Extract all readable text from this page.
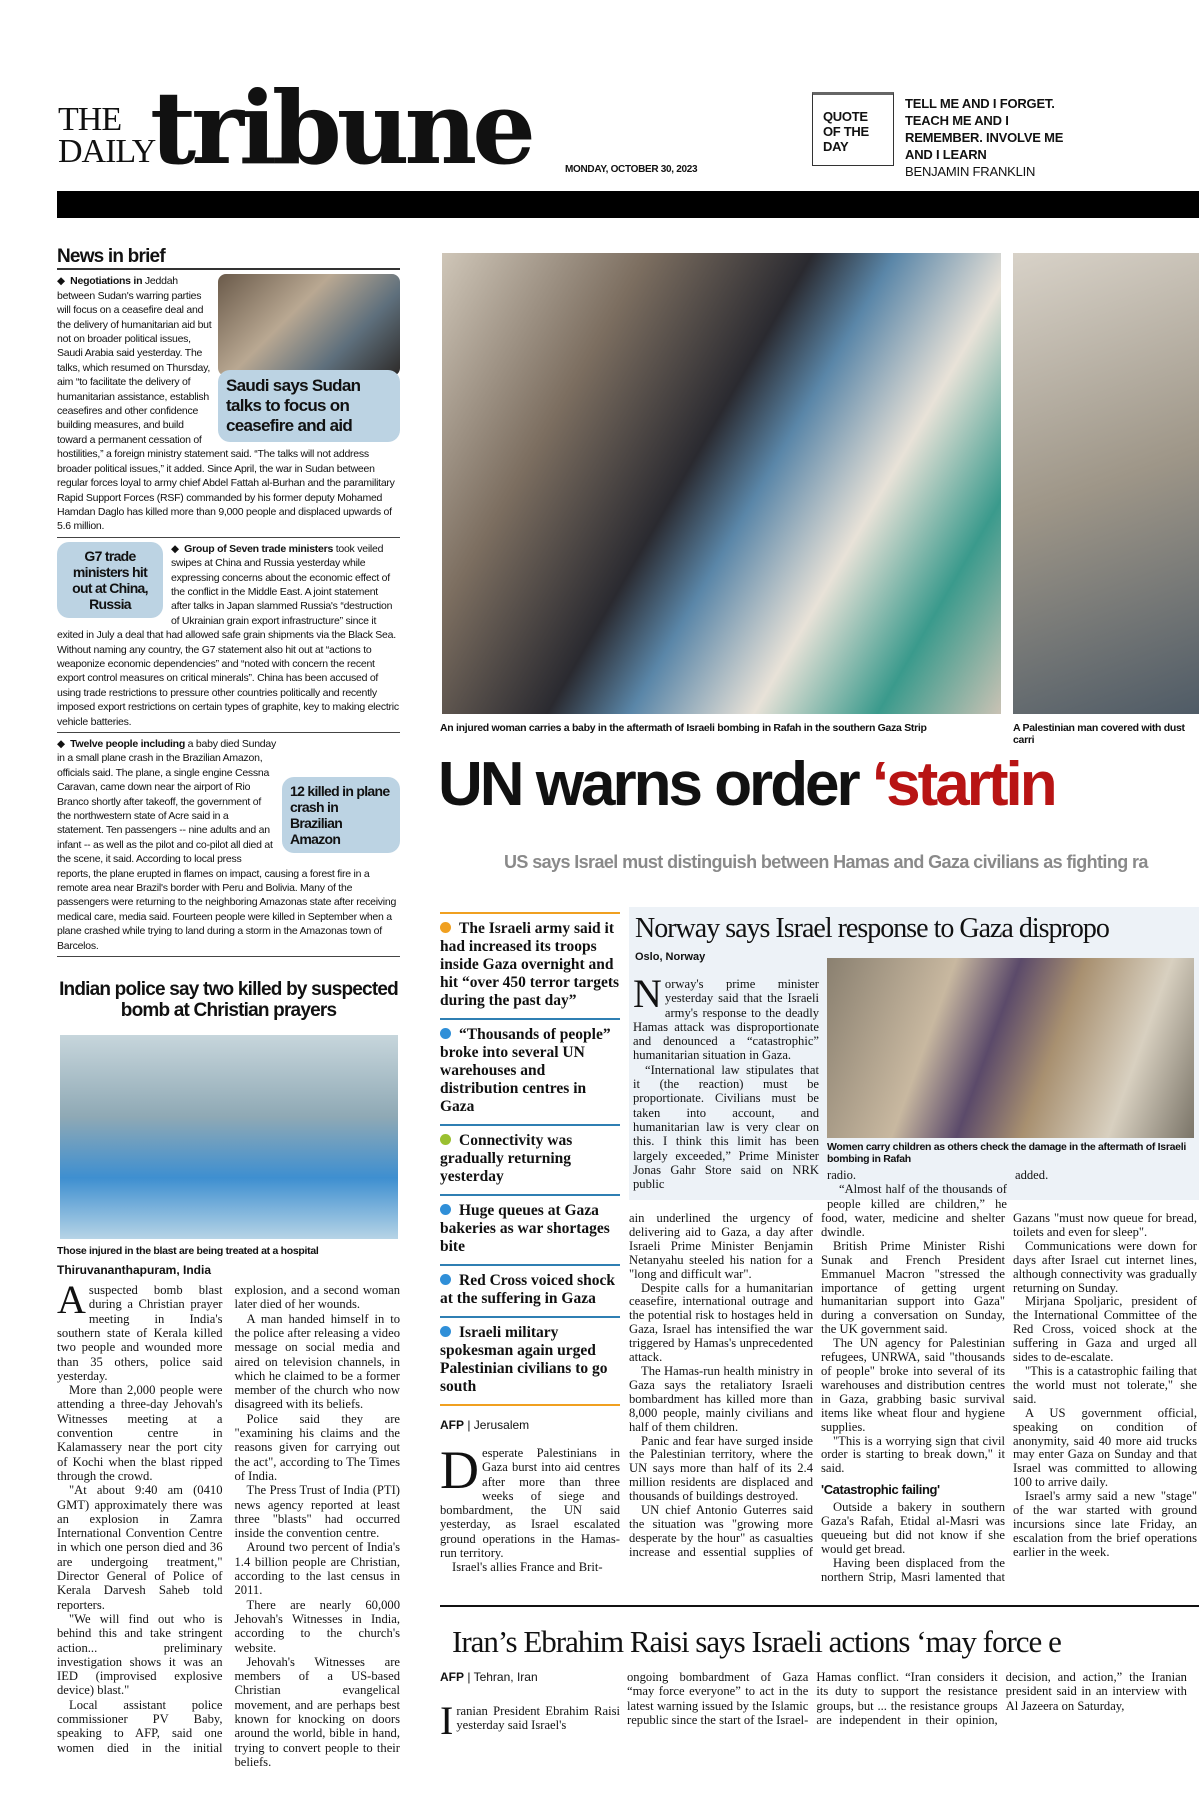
THE DAILY
tribune	MONDAY, OCTOBER 30, 2023
QUOTE OF THE DAY
TELL ME AND I FORGET. TEACH ME AND I REMEMBER. INVOLVE ME AND I LEARN
BENJAMIN FRANKLIN
News in brief
Saudi says Sudan talks to focus on ceasefire and aid
◆  Negotiations in Jeddah between Sudan's warring parties will focus on a ceasefire deal and the delivery of humanitarian aid but not on broader political issues, Saudi Arabia said yesterday. The talks, which resumed on Thursday, aim “to facilitate the delivery of humanitarian assistance, establish ceasefires and other confidence building measures, and build toward a permanent cessation of hostilities,” a foreign ministry statement said. “The talks will not address broader political issues,” it added. Since April, the war in Sudan between regular forces loyal to army chief Abdel Fattah al-Burhan and the paramilitary Rapid Support Forces (RSF) commanded by his former deputy Mohamed Hamdan Daglo has killed more than 9,000 people and displaced upwards of 5.6 million.
G7 trade ministers hit out at China, Russia
◆  Group of Seven trade ministers took veiled swipes at China and Russia yesterday while expressing concerns about the economic effect of the conflict in the Middle East. A joint statement after talks in Japan slammed Russia's “destruction of Ukrainian grain export infrastructure” since it exited in July a deal that had allowed safe grain shipments via the Black Sea. Without naming any country, the G7 statement also hit out at “actions to weaponize economic dependencies” and “noted with concern the recent export control measures on critical minerals”. China has been accused of using trade restrictions to pressure other countries politically and recently imposed export restrictions on certain types of graphite, key to making electric vehicle batteries.
12 killed in plane crash in Brazilian Amazon
◆  Twelve people including a baby died Sunday in a small plane crash in the Brazilian Amazon, officials said. The plane, a single engine Cessna Caravan, came down near the airport of Rio Branco shortly after takeoff, the government of the northwestern state of Acre said in a statement. Ten passengers -- nine adults and an infant -- as well as the pilot and co-pilot all died at the scene, it said. According to local press reports, the plane erupted in flames on impact, causing a forest fire in a remote area near Brazil's border with Peru and Bolivia. Many of the passengers were returning to the neighboring Amazonas state after receiving medical care, media said. Fourteen people were killed in September when a plane crashed while trying to land during a storm in the Amazonas town of Barcelos.
Indian police say two killed by suspected bomb at Christian prayers
Those injured in the blast are being treated at a hospital
Thiruvananthapuram, India

A suspected bomb blast during a Christian prayer meeting in India's southern state of Kerala killed two people and wounded more than 35 others, police said yesterday.

More than 2,000 people were attending a three-day Jehovah's Witnesses meeting at a convention centre in Kalamassery near the port city of Kochi when the blast ripped through the crowd.

"At about 9:40 am (0410 GMT) approximately there was an explosion in Zamra International Convention Centre in which one person died and 36 are undergoing treatment," Director General of Police of Kerala Darvesh Saheb told reporters.

"We will find out who is behind this and take stringent action... preliminary investigation shows it was an IED (improvised explosive device) blast."

Local assistant police commissioner PV Baby, speaking to AFP, said one women died in the initial explosion, and a second woman later died of her wounds.

A man handed himself in to the police after releasing a video message on social media and aired on television channels, in which he claimed to be a former member of the church who now disagreed with its beliefs.

Police said they are "examining his claims and the reasons given for carrying out the act", according to The Times of India.

The Press Trust of India (PTI) news agency reported at least three "blasts" had occurred inside the convention centre.

Around two percent of India's 1.4 billion people are Christian, according to the last census in 2011.

There are nearly 60,000 Jehovah's Witnesses in India, according to the church's website.

Jehovah's Witnesses are members of a US-based Christian evangelical movement, and are perhaps best known for knocking on doors around the world, bible in hand, trying to convert people to their beliefs.

An injured woman carries a baby in the aftermath of Israeli bombing in Rafah in the southern Gaza Strip	A Palestinian man covered with dust carri
UN warns order ‘startin
US says Israel must distinguish between Hamas and Gaza civilians as fighting ra
The Israeli army said it had increased its troops inside Gaza overnight and hit “over 450 terror targets during the past day”
“Thousands of people” broke into several UN warehouses and distribution centres in Gaza
Connectivity was gradually returning yesterday
Huge queues at Gaza bakeries as war shortages bite
Red Cross voiced shock at the suffering in Gaza
Israeli military spokesman again urged Palestinian civilians to go south
AFP | Jerusalem

Desperate Palestinians in Gaza burst into aid centres after more than three weeks of siege and bombardment, the UN said yesterday, as Israel escalated ground operations in the Hamas-run territory.

Israel's allies France and Brit-

ain underlined the urgency of delivering aid to Gaza, a day after Israeli Prime Minister Benjamin Netanyahu steeled his nation for a "long and difficult war".

Despite calls for a humanitarian ceasefire, international outrage and the potential risk to hostages held in Gaza, Israel has intensified the war triggered by Hamas's unprecedented attack.

The Hamas-run health ministry in Gaza says the retaliatory Israeli bombardment has killed more than 8,000 people, mainly civilians and half of them children.

Panic and fear have surged inside the Palestinian territory, where the UN says more than half of its 2.4 million residents are displaced and thousands of buildings destroyed.

UN chief Antonio Guterres said the situation was "growing more desperate by the hour" as casualties increase and essential supplies of food, water, medicine and shelter dwindle.

British Prime Minister Rishi Sunak and French President Emmanuel Macron "stressed the importance of getting urgent humanitarian support into Gaza" during a conversation on Sunday, the UK government said.

The UN agency for Palestinian refugees, UNRWA, said "thousands of people" broke into several of its warehouses and distribution centres in Gaza, grabbing basic survival items like wheat flour and hygiene supplies.

"This is a worrying sign that civil order is starting to break down," it said.

'Catastrophic failing'

Outside a bakery in southern Gaza's Rafah, Etidal al-Masri was queueing but did not know if she would get bread.

Having been displaced from the northern Strip, Masri lamented that Gazans "must now queue for bread, toilets and even for sleep".

Communications were down for days after Israel cut internet lines, although connectivity was gradually returning on Sunday.

Mirjana Spoljaric, president of the International Committee of the Red Cross, voiced shock at the suffering in Gaza and urged all sides to de-escalate.

"This is a catastrophic failing that the world must not tolerate," she said.

A US government official, speaking on condition of anonymity, said 40 more aid trucks may enter Gaza on Sunday and that Israel was committed to allowing 100 to arrive daily.

Israel's army said a new "stage" of the war started with ground incursions since late Friday, an escalation from the brief operations earlier in the week.

Norway says Israel response to Gaza dispropo
Oslo, Norway

Norway's prime minister yesterday said that the Israeli army's response to the deadly Hamas attack was disproportionate and denounced a “catastrophic” humanitarian situation in Gaza.

“International law stipulates that it (the reaction) must be proportionate. Civilians must be taken into account, and humanitarian law is very clear on this. I think this limit has been largely exceeded,” Prime Minister Jonas Gahr Store said on NRK public

Women carry children as others check the damage in the aftermath of Israeli bombing in Rafah

radio.

“Almost half of the thousands of people killed are children,” he added.

Iran’s Ebrahim Raisi says Israeli actions ‘may force e
AFP | Tehran, Iran

Iranian President Ebrahim Raisi yesterday said Israel's

ongoing bombardment of Gaza “may force everyone” to act in the latest warning issued by the Islamic republic since the start of the Israel-Hamas conflict. “Iran considers it its duty to support the resistance groups, but ... the resistance groups are independent in their opinion, decision, and action,” the Iranian president said in an interview with Al Jazeera on Saturday,
